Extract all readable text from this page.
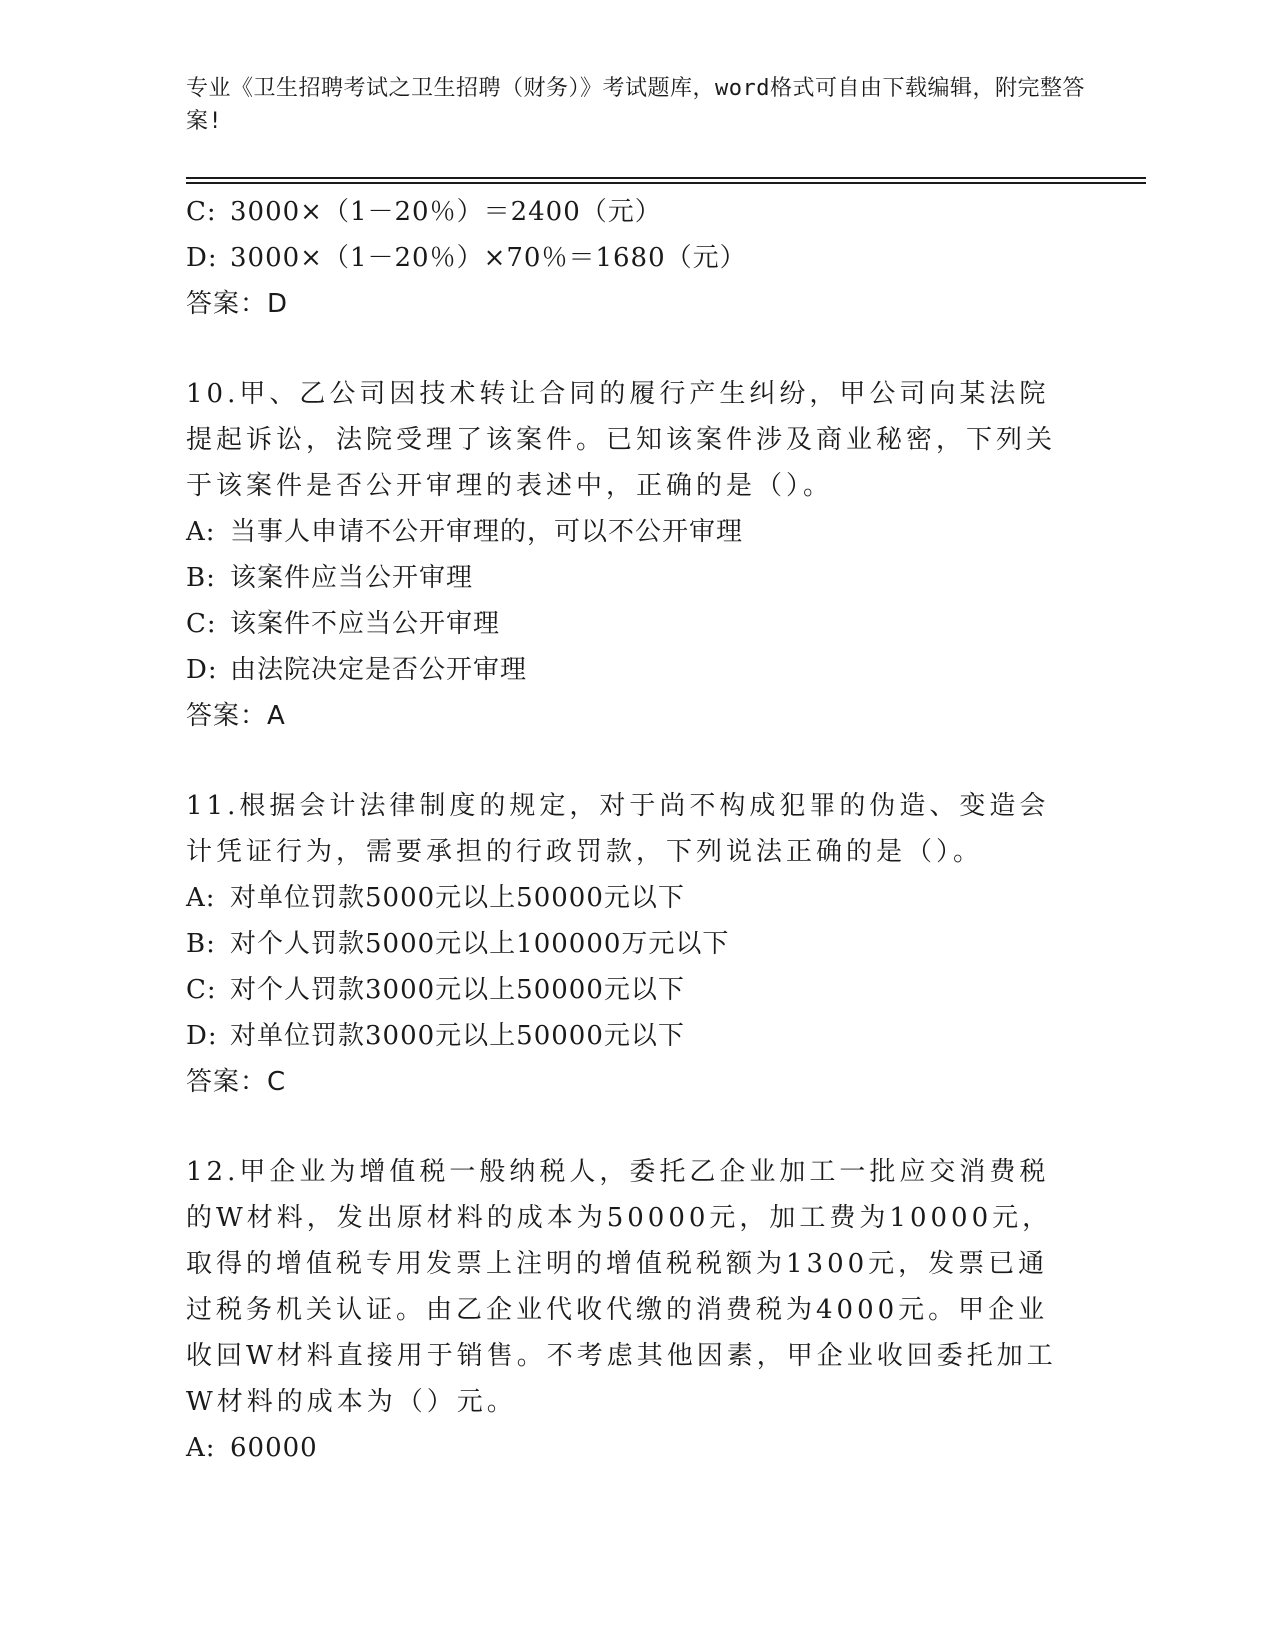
专业《卫生招聘考试之卫生招聘（财务）》考试题库，word格式可自由下载编辑，附完整答案!
C: 3000×（1－20％）＝2400（元）
D: 3000×（1－20％）×70％＝1680（元）
答案：D
10.甲、乙公司因技术转让合同的履行产生纠纷，甲公司向某法院提起诉讼，法院受理了该案件。已知该案件涉及商业秘密，下列关于该案件是否公开审理的表述中，正确的是（）。
A: 当事人申请不公开审理的，可以不公开审理
B: 该案件应当公开审理
C: 该案件不应当公开审理
D: 由法院决定是否公开审理
答案：A
11.根据会计法律制度的规定，对于尚不构成犯罪的伪造、变造会计凭证行为，需要承担的行政罚款，下列说法正确的是（）。
A: 对单位罚款5000元以上50000元以下
B: 对个人罚款5000元以上100000万元以下
C: 对个人罚款3000元以上50000元以下
D: 对单位罚款3000元以上50000元以下
答案：C
12.甲企业为增值税一般纳税人，委托乙企业加工一批应交消费税的W材料，发出原材料的成本为50000元，加工费为10000元，取得的增值税专用发票上注明的增值税税额为1300元，发票已通过税务机关认证。由乙企业代收代缴的消费税为4000元。甲企业收回W材料直接用于销售。不考虑其他因素，甲企业收回委托加工W材料的成本为（）元。
A: 60000
